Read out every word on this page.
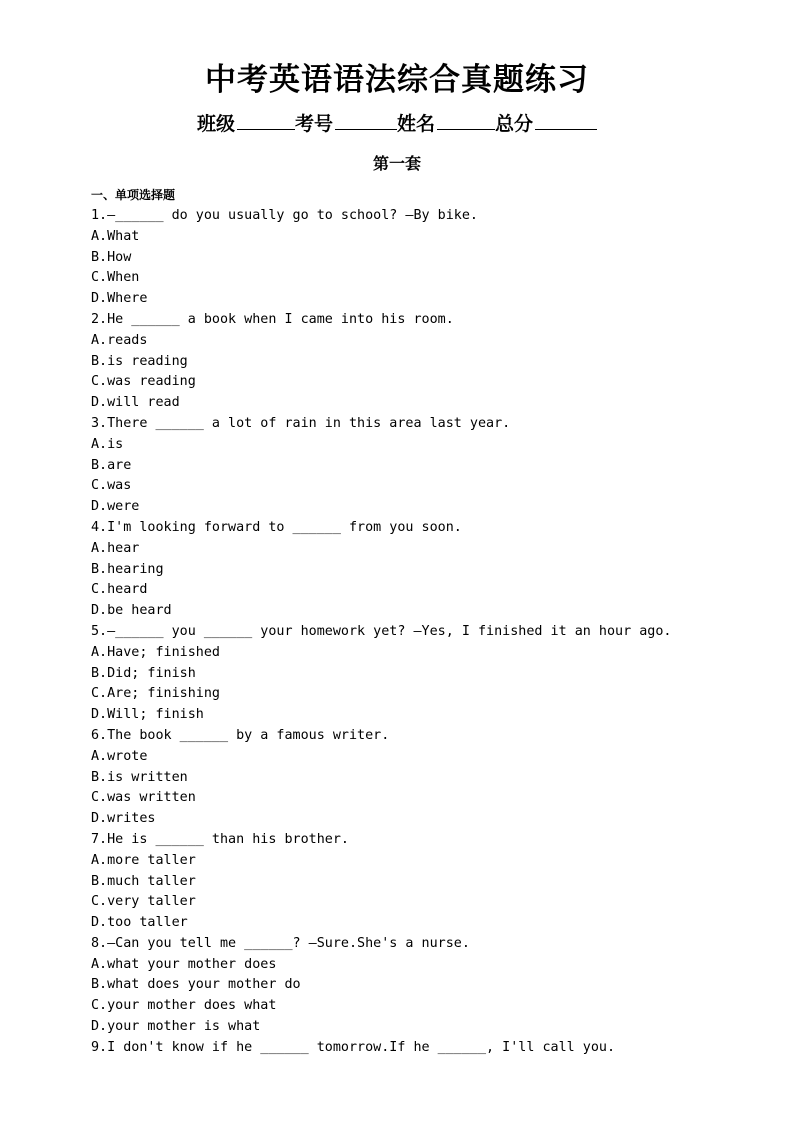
中考英语语法综合真题练习
班级	考号	姓名	总分
第一套
一、单项选择题
1.—______ do you usually go to school? —By bike.
A.What
B.How
C.When
D.Where
2.He ______ a book when I came into his room.
A.reads
B.is reading
C.was reading
D.will read
3.There ______ a lot of rain in this area last year.
A.is
B.are
C.was
D.were
4.I'm looking forward to ______ from you soon.
A.hear
B.hearing
C.heard
D.be heard
5.—______ you ______ your homework yet? —Yes, I finished it an hour ago.
A.Have; finished
B.Did; finish
C.Are; finishing
D.Will; finish
6.The book ______ by a famous writer.
A.wrote
B.is written
C.was written
D.writes
7.He is ______ than his brother.
A.more taller
B.much taller
C.very taller
D.too taller
8.—Can you tell me ______? —Sure.She's a nurse.
A.what your mother does
B.what does your mother do
C.your mother does what
D.your mother is what
9.I don't know if he ______ tomorrow.If he ______, I'll call you.
